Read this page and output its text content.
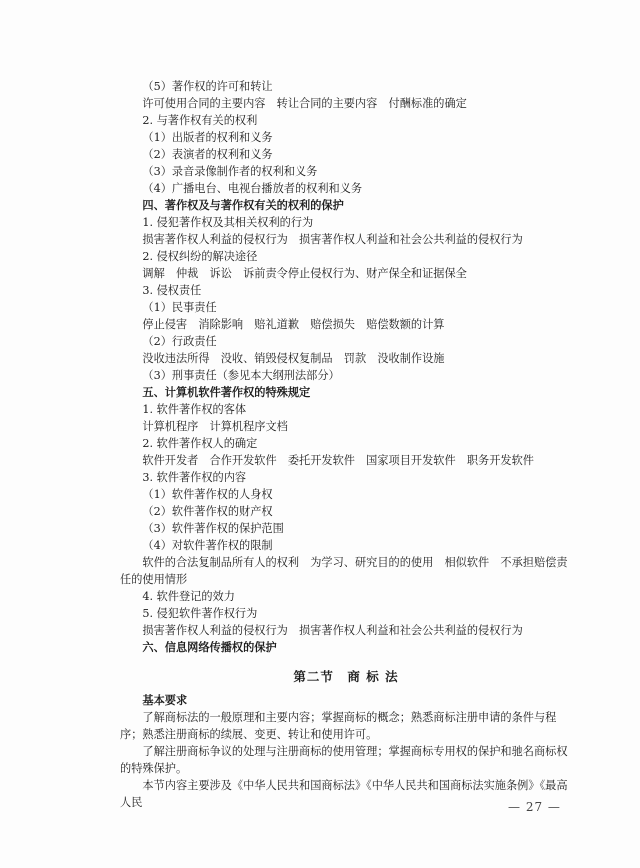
（5）著作权的许可和转让
许可使用合同的主要内容　转让合同的主要内容　付酬标准的确定
2. 与著作权有关的权利
（1）出版者的权利和义务
（2）表演者的权利和义务
（3）录音录像制作者的权利和义务
（4）广播电台、电视台播放者的权利和义务
四、著作权及与著作权有关的权利的保护
1. 侵犯著作权及其相关权利的行为
损害著作权人利益的侵权行为　损害著作权人利益和社会公共利益的侵权行为
2. 侵权纠纷的解决途径
调解　仲裁　诉讼　诉前责令停止侵权行为、财产保全和证据保全
3. 侵权责任
（1）民事责任
停止侵害　消除影响　赔礼道歉　赔偿损失　赔偿数额的计算
（2）行政责任
没收违法所得　没收、销毁侵权复制品　罚款　没收制作设施
（3）刑事责任（参见本大纲刑法部分）
五、计算机软件著作权的特殊规定
1. 软件著作权的客体
计算机程序　计算机程序文档
2. 软件著作权人的确定
软件开发者　合作开发软件　委托开发软件　国家项目开发软件　职务开发软件
3. 软件著作权的内容
（1）软件著作权的人身权
（2）软件著作权的财产权
（3）软件著作权的保护范围
（4）对软件著作权的限制
软件的合法复制品所有人的权利　为学习、研究目的的使用　相似软件　不承担赔偿责任的使用情形
4. 软件登记的效力
5. 侵犯软件著作权行为
损害著作权人利益的侵权行为　损害著作权人利益和社会公共利益的侵权行为
六、信息网络传播权的保护
第二节　商 标 法
基本要求
了解商标法的一般原理和主要内容；掌握商标的概念；熟悉商标注册申请的条件与程序；熟悉注册商标的续展、变更、转让和使用许可。
了解注册商标争议的处理与注册商标的使用管理；掌握商标专用权的保护和驰名商标权的特殊保护。
本节内容主要涉及《中华人民共和国商标法》《中华人民共和国商标法实施条例》《最高人民	— 27 —
